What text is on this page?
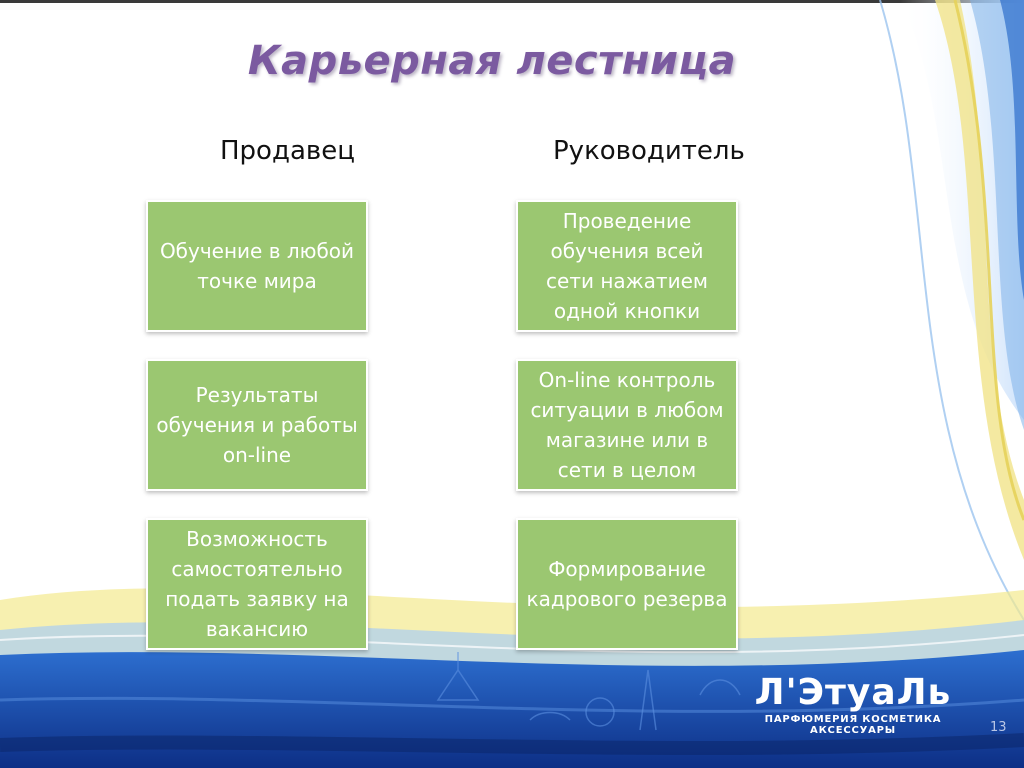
Карьерная лестница
Продавец	Руководитель
Обучение в любой точке мира
Результаты обучения и работы on-line
Возможность самостоятельно подать заявку на вакансию
Проведение обучения всей сети нажатием одной кнопки
On-line контроль ситуации в любом магазине или в сети в целом
Формирование кадрового резерва
Л'ЭтуаЛь
ПАРФЮМЕРИЯ КОСМЕТИКА АКСЕССУАРЫ	13
